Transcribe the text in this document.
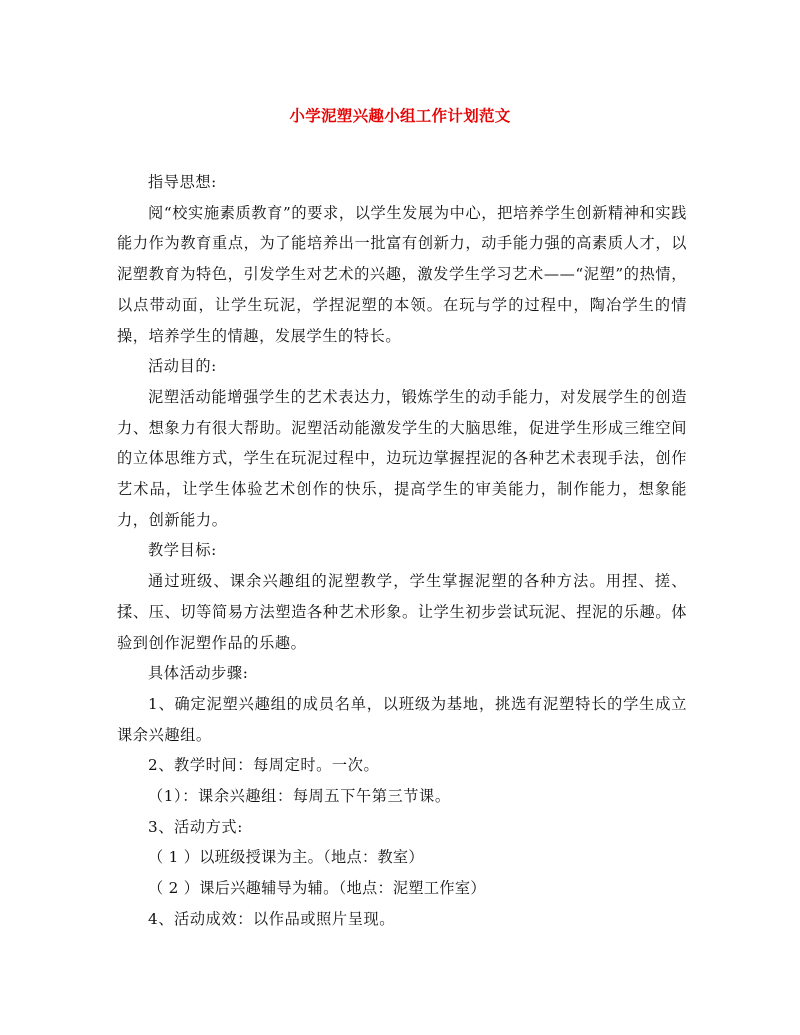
小学泥塑兴趣小组工作计划范文

指导思想:

阅“校实施素质教育”的要求，以学生发展为中心，把培养学生创新精神和实践能力作为教育重点，为了能培养出一批富有创新力，动手能力强的高素质人才，以泥塑教育为特色，引发学生对艺术的兴趣，激发学生学习艺术——“泥塑”的热情，以点带动面，让学生玩泥，学捏泥塑的本领。在玩与学的过程中，陶冶学生的情操，培养学生的情趣，发展学生的特长。

活动目的:

泥塑活动能增强学生的艺术表达力，锻炼学生的动手能力，对发展学生的创造力、想象力有很大帮助。泥塑活动能激发学生的大脑思维，促进学生形成三维空间的立体思维方式，学生在玩泥过程中，边玩边掌握捏泥的各种艺术表现手法，创作艺术品，让学生体验艺术创作的快乐，提高学生的审美能力，制作能力，想象能力，创新能力。

教学目标:

通过班级、课余兴趣组的泥塑教学，学生掌握泥塑的各种方法。用捏、搓、揉、压、切等简易方法塑造各种艺术形象。让学生初步尝试玩泥、捏泥的乐趣。体验到创作泥塑作品的乐趣。

具体活动步骤:

1、确定泥塑兴趣组的成员名单，以班级为基地，挑选有泥塑特长的学生成立课余兴趣组。

2、教学时间：每周定时。一次。

（1）：课余兴趣组：每周五下午第三节课。

3、活动方式:

（ 1 ）以班级授课为主。（地点：教室）

（ 2 ）课后兴趣辅导为辅。（地点：泥塑工作室）

4、活动成效：以作品或照片呈现。
